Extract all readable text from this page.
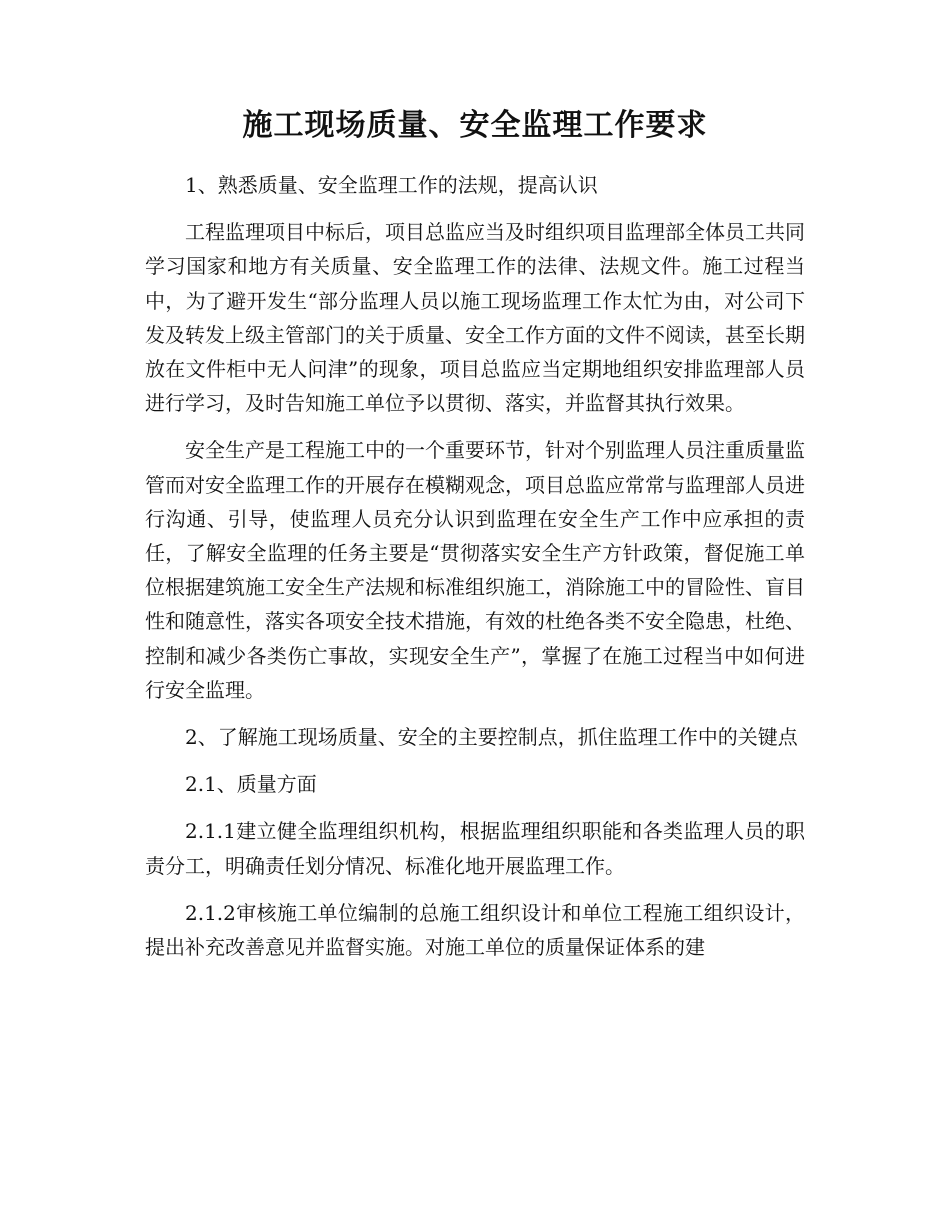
施工现场质量、安全监理工作要求

1、熟悉质量、安全监理工作的法规，提高认识

工程监理项目中标后，项目总监应当及时组织项目监理部全体员工共同学习国家和地方有关质量、安全监理工作的法律、法规文件。施工过程当中，为了避开发生“部分监理人员以施工现场监理工作太忙为由，对公司下发及转发上级主管部门的关于质量、安全工作方面的文件不阅读，甚至长期放在文件柜中无人问津”的现象，项目总监应当定期地组织安排监理部人员进行学习，及时告知施工单位予以贯彻、落实，并监督其执行效果。

安全生产是工程施工中的一个重要环节，针对个别监理人员注重质量监管而对安全监理工作的开展存在模糊观念，项目总监应常常与监理部人员进行沟通、引导，使监理人员充分认识到监理在安全生产工作中应承担的责任，了解安全监理的任务主要是“贯彻落实安全生产方针政策，督促施工单位根据建筑施工安全生产法规和标准组织施工，消除施工中的冒险性、盲目性和随意性，落实各项安全技术措施，有效的杜绝各类不安全隐患，杜绝、控制和减少各类伤亡事故，实现安全生产”，掌握了在施工过程当中如何进行安全监理。

2、了解施工现场质量、安全的主要控制点，抓住监理工作中的关键点

2.1、质量方面

2.1.1建立健全监理组织机构，根据监理组织职能和各类监理人员的职责分工，明确责任划分情况、标准化地开展监理工作。

2.1.2审核施工单位编制的总施工组织设计和单位工程施工组织设计，提出补充改善意见并监督实施。对施工单位的质量保证体系的建
